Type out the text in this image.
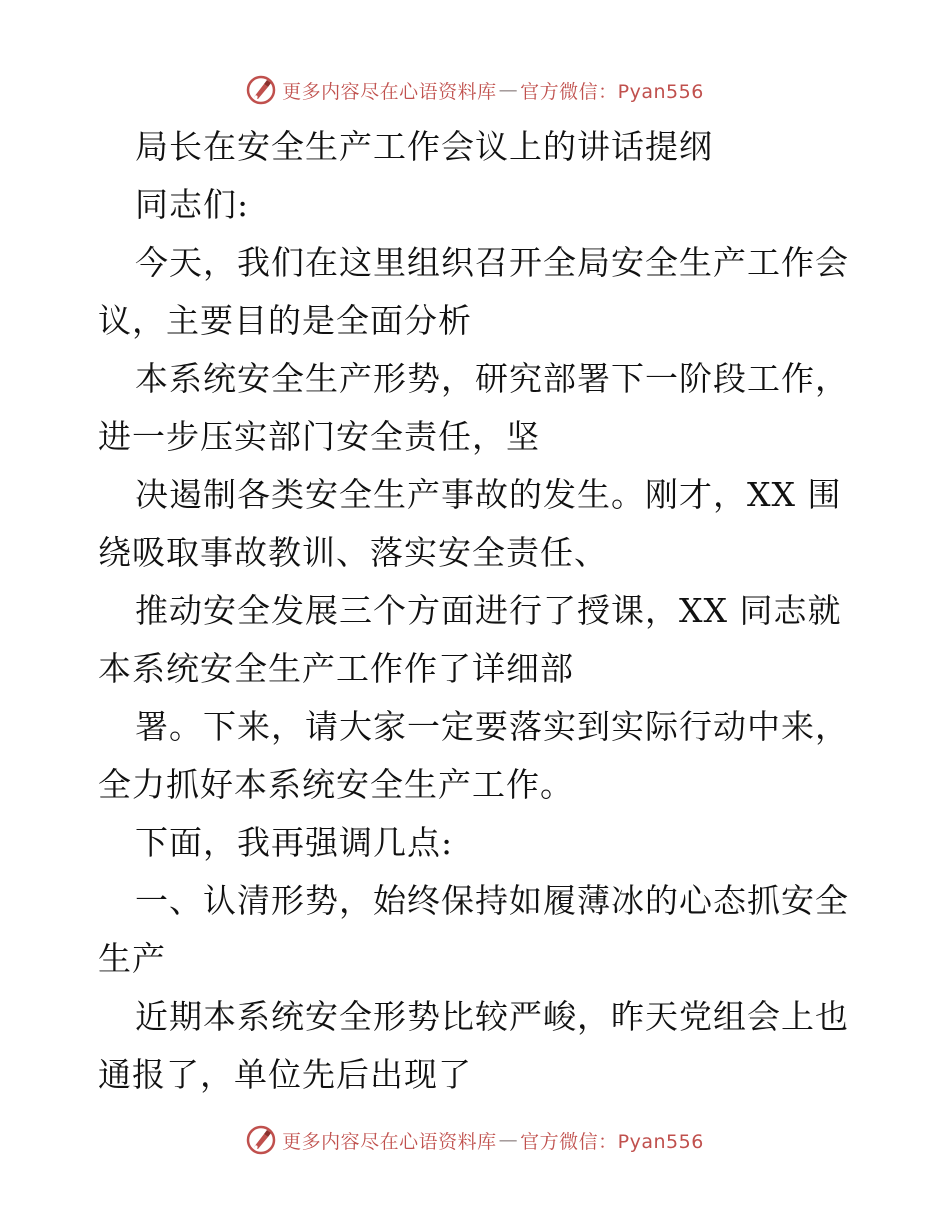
更多内容尽在心语资料库 — 官方微信：Pyan556

局长在安全生产工作会议上的讲话提纲

同志们:

今天，我们在这里组织召开全局安全生产工作会议，主要目的是全面分析

本系统安全生产形势，研究部署下一阶段工作，进一步压实部门安全责任，坚

决遏制各类安全生产事故的发生。刚才，XX 围绕吸取事故教训、落实安全责任、

推动安全发展三个方面进行了授课，XX 同志就本系统安全生产工作作了详细部

署。下来，请大家一定要落实到实际行动中来，全力抓好本系统安全生产工作。

下面，我再强调几点:

一、认清形势，始终保持如履薄冰的心态抓安全生产

近期本系统安全形势比较严峻，昨天党组会上也通报了，单位先后出现了

更多内容尽在心语资料库 — 官方微信：Pyan556
